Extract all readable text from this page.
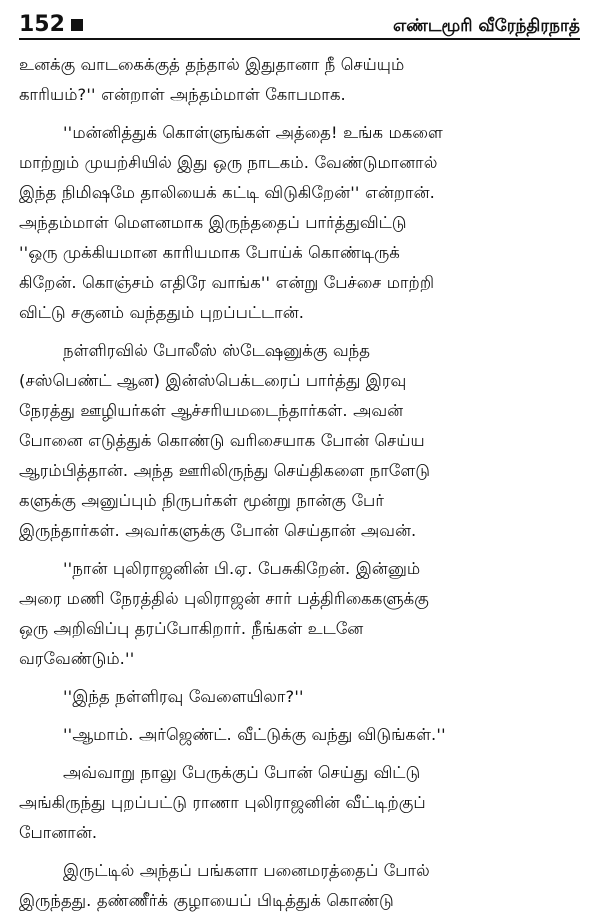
152	எண்டமூரி வீரேந்திரநாத்
உனக்கு வாடகைக்குத் தந்தால் இதுதானா நீ செய்யும்
காரியம்?'' என்றாள் அந்தம்மாள் கோபமாக.
''மன்னித்துக் கொள்ளுங்கள் அத்தை! உங்க மகளை
மாற்றும் முயற்சியில் இது ஒரு நாடகம். வேண்டுமானால்
இந்த நிமிஷமே தாலியைக் கட்டி விடுகிறேன்'' என்றான்.
அந்தம்மாள் மௌனமாக இருந்ததைப் பார்த்துவிட்டு
''ஒரு முக்கியமான காரியமாக போய்க் கொண்டிருக்
கிறேன். கொஞ்சம் எதிரே வாங்க'' என்று பேச்சை மாற்றி
விட்டு சகுனம் வந்ததும் புறப்பட்டான்.
நள்ளிரவில் போலீஸ் ஸ்டேஷனுக்கு வந்த
(சஸ்பெண்ட் ஆன) இன்ஸ்பெக்டரைப் பார்த்து இரவு
நேரத்து ஊழியர்கள் ஆச்சரியமடைந்தார்கள். அவன்
போனை எடுத்துக் கொண்டு வரிசையாக போன் செய்ய
ஆரம்பித்தான். அந்த ஊரிலிருந்து செய்திகளை நாளேடு
களுக்கு அனுப்பும் நிருபர்கள் மூன்று நான்கு பேர்
இருந்தார்கள். அவர்களுக்கு போன் செய்தான் அவன்.
''நான் புலிராஜனின் பி.ஏ. பேசுகிறேன். இன்னும்
அரை மணி நேரத்தில் புலிராஜன் சார் பத்திரிகைகளுக்கு
ஒரு அறிவிப்பு தரப்போகிறார். நீங்கள் உடனே
வரவேண்டும்.''
''இந்த நள்ளிரவு வேளையிலா?''
''ஆமாம். அர்ஜெண்ட். வீட்டுக்கு வந்து விடுங்கள்.''
அவ்வாறு நாலு பேருக்குப் போன் செய்து விட்டு
அங்கிருந்து புறப்பட்டு ராணா புலிராஜனின் வீட்டிற்குப்
போனான்.
இருட்டில் அந்தப் பங்களா பனைமரத்தைப் போல்
இருந்தது. தண்ணீர்க் குழாயைப் பிடித்துக் கொண்டு
